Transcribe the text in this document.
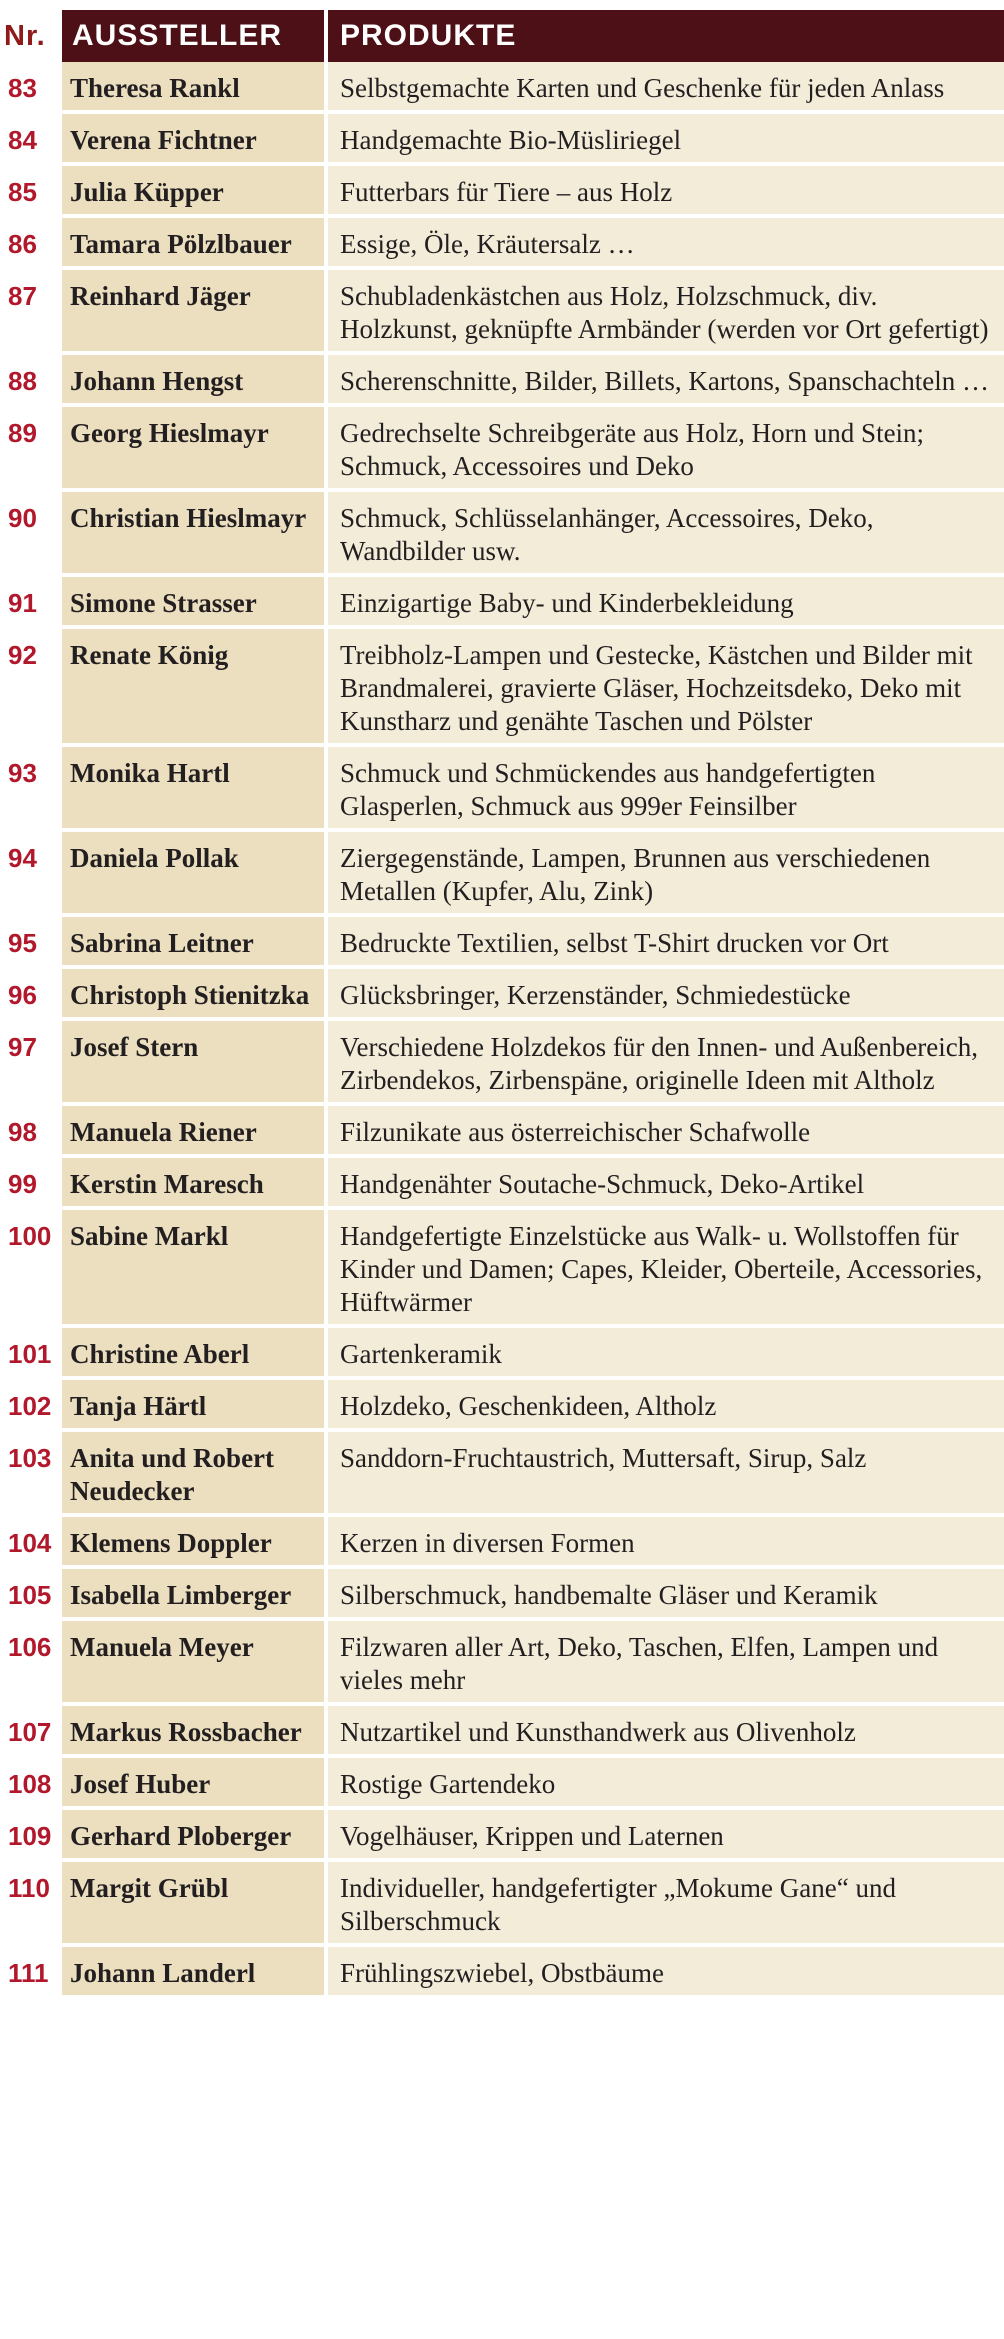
Nr.	AUSSTELLER	PRODUKTE
83	Theresa Rankl	Selbstgemachte Karten und Geschenke für jeden Anlass
84	Verena Fichtner	Handgemachte Bio-Müsliriegel
85	Julia Küpper	Futterbars für Tiere – aus Holz
86	Tamara Pölzlbauer	Essige, Öle, Kräutersalz …
87	Reinhard Jäger	Schubladenkästchen aus Holz, Holzschmuck, div. Holzkunst, geknüpfte Armbänder (werden vor Ort gefertigt)
88	Johann Hengst	Scherenschnitte, Bilder, Billets, Kartons, Spanschachteln …
89	Georg Hieslmayr	Gedrechselte Schreibgeräte aus Holz, Horn und Stein; Schmuck, Accessoires und Deko
90	Christian Hieslmayr	Schmuck, Schlüsselanhänger, Accessoires, Deko, Wandbilder usw.
91	Simone Strasser	Einzigartige Baby- und Kinderbekleidung
92	Renate König	Treibholz-Lampen und Gestecke, Kästchen und Bilder mit Brandmalerei, gravierte Gläser, Hochzeitsdeko, Deko mit Kunstharz und genähte Taschen und Pölster
93	Monika Hartl	Schmuck und Schmückendes aus handgefertigten Glasperlen, Schmuck aus 999er Feinsilber
94	Daniela Pollak	Ziergegenstände, Lampen, Brunnen aus verschiedenen Metallen (Kupfer, Alu, Zink)
95	Sabrina Leitner	Bedruckte Textilien, selbst T-Shirt drucken vor Ort
96	Christoph Stienitzka	Glücksbringer, Kerzenständer, Schmiedestücke
97	Josef Stern	Verschiedene Holzdekos für den Innen- und Außenbereich, Zirbendekos, Zirbenspäne, originelle Ideen mit Altholz
98	Manuela Riener	Filzunikate aus österreichischer Schafwolle
99	Kerstin Maresch	Handgenähter Soutache-Schmuck, Deko-Artikel
100	Sabine Markl	Handgefertigte Einzelstücke aus Walk- u. Wollstoffen für Kinder und Damen; Capes, Kleider, Oberteile, Accessories, Hüftwärmer
101	Christine Aberl	Gartenkeramik
102	Tanja Härtl	Holzdeko, Geschenkideen, Altholz
103	Anita und Robert Neudecker	Sanddorn-Fruchtaustrich, Muttersaft, Sirup, Salz
104	Klemens Doppler	Kerzen in diversen Formen
105	Isabella Limberger	Silberschmuck, handbemalte Gläser und Keramik
106	Manuela Meyer	Filzwaren aller Art, Deko, Taschen, Elfen, Lampen und vieles mehr
107	Markus Rossbacher	Nutzartikel und Kunsthandwerk aus Olivenholz
108	Josef Huber	Rostige Gartendeko
109	Gerhard Ploberger	Vogelhäuser, Krippen und Laternen
110	Margit Grübl	Individueller, handgefertigter „Mokume Gane“ und Silberschmuck
111	Johann Landerl	Frühlingszwiebel, Obstbäume
